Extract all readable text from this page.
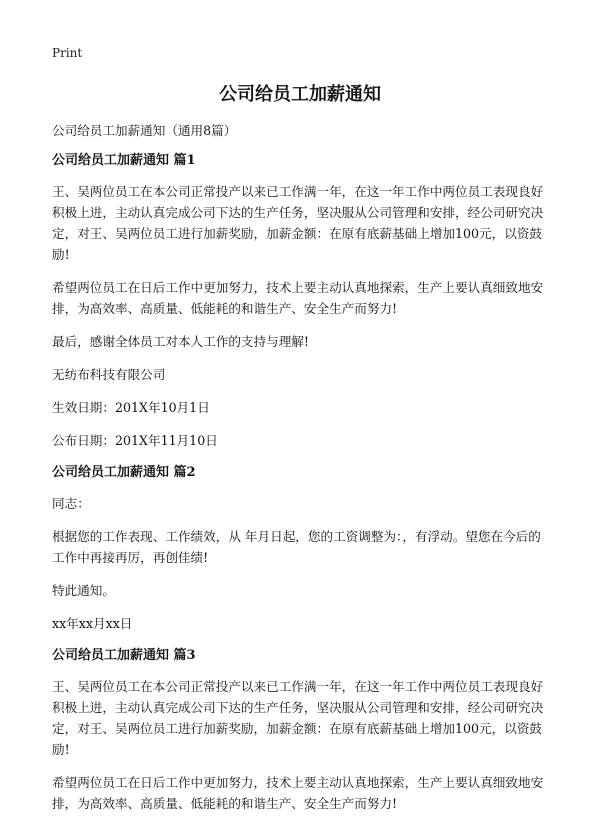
Print
公司给员工加薪通知

公司给员工加薪通知（通用8篇）

公司给员工加薪通知 篇1

王、吴两位员工在本公司正常投产以来已工作满一年，在这一年工作中两位员工表现良好积极上进，主动认真完成公司下达的生产任务，坚决服从公司管理和安排，经公司研究决定，对王、吴两位员工进行加薪奖励，加薪金额：在原有底薪基础上增加100元，以资鼓励!

希望两位员工在日后工作中更加努力，技术上要主动认真地探索，生产上要认真细致地安排，为高效率、高质量、低能耗的和谐生产、安全生产而努力!

最后，感谢全体员工对本人工作的支持与理解!

无纺布科技有限公司

生效日期：201X年10月1日

公布日期：201X年11月10日

公司给员工加薪通知 篇2

同志：

根据您的工作表现、工作绩效，从 年月日起，您的工资调整为：，有浮动。望您在今后的工作中再接再厉，再创佳绩!

特此通知。

xx年xx月xx日

公司给员工加薪通知 篇3

王、吴两位员工在本公司正常投产以来已工作满一年，在这一年工作中两位员工表现良好积极上进，主动认真完成公司下达的生产任务，坚决服从公司管理和安排，经公司研究决定，对王、吴两位员工进行加薪奖励，加薪金额：在原有底薪基础上增加100元，以资鼓励!

希望两位员工在日后工作中更加努力，技术上要主动认真地探索，生产上要认真细致地安排，为高效率、高质量、低能耗的和谐生产、安全生产而努力!
